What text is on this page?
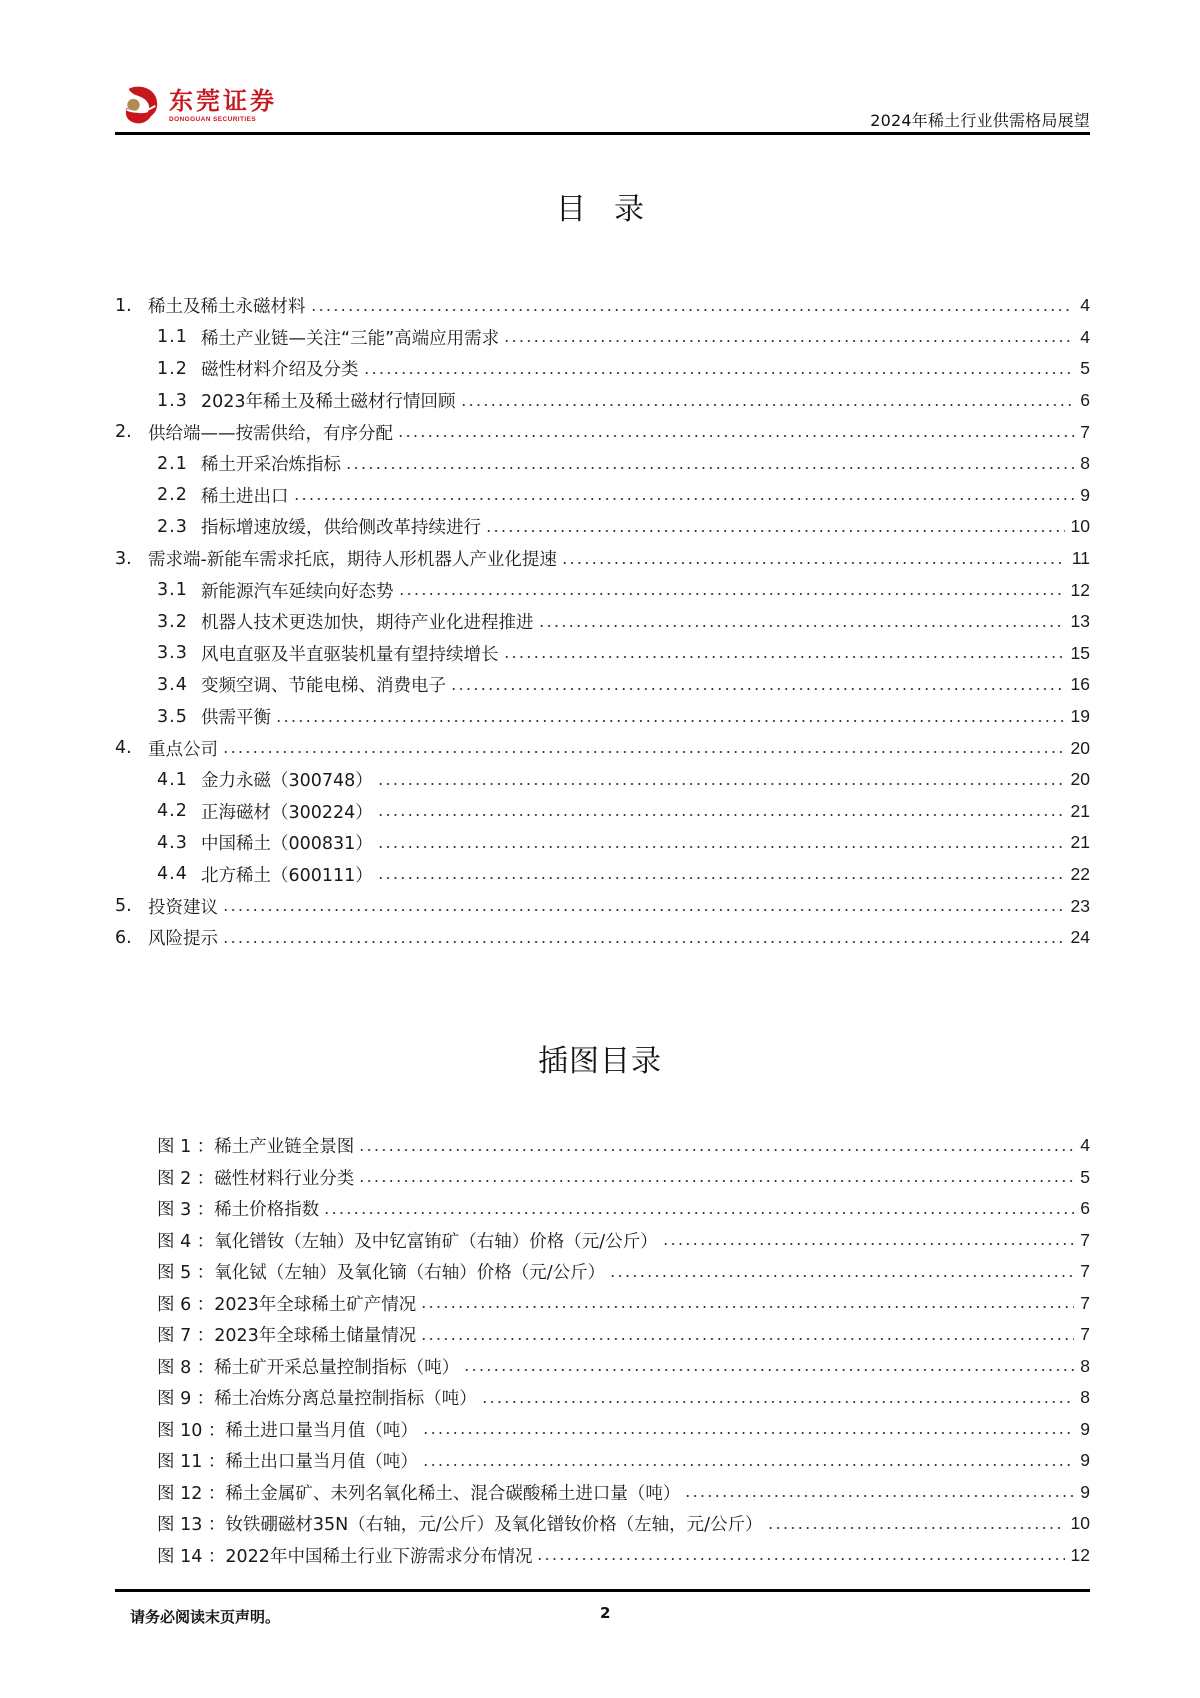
东莞证券
DONGGUAN SECURITIES	2024年稀土行业供需格局展望
目录
1. 稀土及稀土永磁材料	4
1.1 稀土产业链—关注“三能”高端应用需求	4
1.2 磁性材料介绍及分类	5
1.3 2023年稀土及稀土磁材行情回顾	6
2. 供给端——按需供给，有序分配	7
2.1 稀土开采冶炼指标	8
2.2 稀土进出口	9
2.3 指标增速放缓，供给侧改革持续进行	10
3. 需求端-新能车需求托底，期待人形机器人产业化提速	11
3.1 新能源汽车延续向好态势	12
3.2 机器人技术更迭加快，期待产业化进程推进	13
3.3 风电直驱及半直驱装机量有望持续增长	15
3.4 变频空调、节能电梯、消费电子	16
3.5 供需平衡	19
4. 重点公司	20
4.1 金力永磁（300748）	20
4.2 正海磁材（300224）	21
4.3 中国稀土（000831）	21
4.4 北方稀土（600111）	22
5. 投资建议	23
6. 风险提示	24
插图目录
图 1 ： 稀土产业链全景图	4
图 2 ： 磁性材料行业分类	5
图 3 ： 稀土价格指数	6
图 4 ： 氧化镨钕（左轴）及中钇富铕矿（右轴）价格（元/公斤）	7
图 5 ： 氧化铽（左轴）及氧化镝（右轴）价格（元/公斤）	7
图 6 ： 2023年全球稀土矿产情况	7
图 7 ： 2023年全球稀土储量情况	7
图 8 ： 稀土矿开采总量控制指标（吨）	8
图 9 ： 稀土冶炼分离总量控制指标（吨）	8
图 10 ： 稀土进口量当月值（吨）	9
图 11 ： 稀土出口量当月值（吨）	9
图 12 ： 稀土金属矿、未列名氧化稀土、混合碳酸稀土进口量（吨）	9
图 13 ： 钕铁硼磁材35N（右轴，元/公斤）及氧化镨钕价格（左轴，元/公斤）	10
图 14 ： 2022年中国稀土行业下游需求分布情况	12
请务必阅读末页声明。	2
